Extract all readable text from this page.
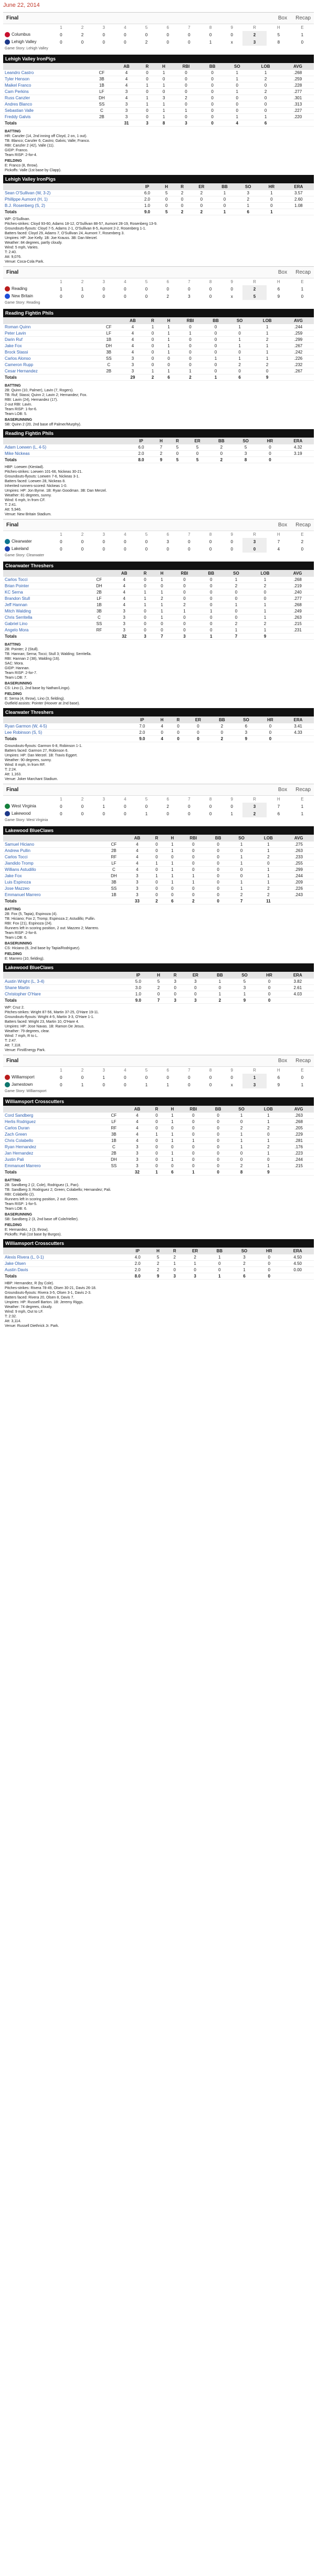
June 22, 2014
Final	Box Recap
	1	2	3	4	5	6	7	8	9	R	H	E
Columbus	0	2	0	0	0	0	0	0	0	2	5	1
Lehigh Valley	0	0	0	0	2	0	0	1	x	3	8	0
Game Story: Lehigh Valley
Lehigh Valley IronPigs
		AB	R	H	RBI	BB	SO	LOB	AVG
Leandro Castro	CF	4	0	1	0	0	1	1	.268
Tyler Henson	3B	4	0	0	0	0	1	2	.259
Maikel Franco	1B	4	1	1	0	0	0	0	.228
Cam Perkins	LF	3	0	0	0	0	1	2	.277
Russ Canzler	DH	4	1	3	2	0	0	0	.301
Andres Blanco	SS	3	1	1	0	0	0	0	.313
Sebastian Valle	C	3	0	1	1	0	0	0	.227
Freddy Galvis	2B	3	0	1	0	0	1	1	.220
Totals		31	3	8	3	0	4	6	
BATTING
HR: Canzler (14, 2nd inning off Cloyd, 2 on, 1 out).
TB: Blanco; Canzler 6; Castro; Galvis; Valle; Franco.
RBI: Canzler 2 (42), Valle (11).
GIDP: Franco.
Team RISP: 2-for-4.
FIELDING
E: Franco (8, throw).
Pickoffs: Valle (1st base by Clapp).
Lehigh Valley IronPigs
		IP	H	R	ER	BB	SO	HR	ERA
Sean O'Sullivan (W, 3-2)		6.0	5	2	2	1	3	1	3.57
Phillippe Aumont (H, 1)		2.0	0	0	0	0	2	0	2.60
B.J. Rosenberg (S, 2)		1.0	0	0	0	0	1	0	1.08
Totals		9.0	5	2	2	1	6	1	
WP: O'Sullivan.
Pitches-strikes: Cloyd 93-60, Adams 18-12, O'Sullivan 88-57, Aumont 28-19, Rosenberg 13-9.
Groundouts-flyouts: Cloyd 7-5, Adams 2-1, O'Sullivan 8-5, Aumont 2-2, Rosenberg 1-1.
Batters faced: Cloyd 29, Adams 7, O'Sullivan 24, Aumont 7, Rosenberg 3.
Umpires: HP: Joe Kelly. 1B: Joe Krauss. 3B: Dan Merzel.
Weather: 84 degrees, partly cloudy.
Wind: 5 mph, Varies.
T: 2:40.
Att: 9,076.
Venue: Coca-Cola Park.
Final	Box Recap
	1	2	3	4	5	6	7	8	9	R	H	E
Reading	1	1	0	0	0	0	0	0	0	2	6	1
New Britain	0	0	0	0	0	2	3	0	x	5	9	0
Game Story: Reading
Reading Fightin Phils
		AB	R	H	RBI	BB	SO	LOB	AVG
Roman Quinn	CF	4	1	1	0	0	1	1	.244
Peter Lavin	LF	4	0	1	1	0	0	1	.259
Darin Ruf	1B	4	0	1	0	0	1	2	.299
Jake Fox	DH	4	0	1	0	0	1	1	.267
Brock Stassi	3B	4	0	1	0	0	0	1	.242
Carlos Alonso	SS	3	0	0	0	1	1	1	.226
Cameron Rupp	C	3	0	0	0	0	2	2	.232
Cesar Hernandez	2B	3	1	1	1	0	0	0	.267
Totals		29	2	6	2	1	6	9	
BATTING
2B: Quinn (10, Palmer), Lavin (7, Rogers).
TB: Ruf; Stassi; Quinn 2; Lavin 2; Hernandez; Fox.
RBI: Lavin (24), Hernandez (17).
2-out RBI: Lavin.
Team RISP: 1-for-6.
Team LOB: 5.
BASERUNNING
SB: Quinn 2 (20, 2nd base off Palmer/Murphy).
Reading Fightin Phils
		IP	H	R	ER	BB	SO	HR	ERA
Adam Loewen (L, 4-5)		6.0	7	5	5	2	5	0	4.32
Mike Nickeas		2.0	2	0	0	0	3	0	3.19
Totals		8.0	9	5	5	2	8	0	
HBP: Loewen (Kiestad).
Pitches-strikes: Loewen 101-66, Nickeas 30-21.
Groundouts-flyouts: Loewen 7-6, Nickeas 3-1.
Batters faced: Loewen 28, Nickeas 8.
Inherited runners-scored: Nickeas 1-0.
Umpires: HP: Jon Byrne. 1B: Ryan Goodman. 3B: Dan Merzel.
Weather: 81 degrees, sunny.
Wind: 6 mph, In from CF.
T: 2:41.
Att: 5,946.
Venue: New Britain Stadium.
Final	Box Recap
	1	2	3	4	5	6	7	8	9	R	H	E
Clearwater	0	0	0	0	0	3	0	0	0	3	7	2
Lakeland	0	0	0	0	0	0	0	0	0	0	4	0
Game Story: Clearwater
Clearwater Threshers
		AB	R	H	RBI	BB	SO	LOB	AVG
Carlos Tocci	CF	4	0	1	0	0	1	1	.268
Brian Pointer	DH	4	0	0	0	0	2	2	.219
KC Serna	2B	4	1	1	0	0	0	0	.240
Brandon Stull	LF	4	1	2	0	0	0	0	.277
Jeff Hannan	1B	4	1	1	2	0	1	1	.268
Mitch Walding	3B	3	0	1	1	1	0	1	.249
Chris Serritella	C	3	0	1	0	0	0	1	.263
Gabriel Lino	SS	3	0	0	0	0	2	2	.215
Angelo Mora	RF	3	0	0	0	0	1	1	.231
Totals		32	3	7	3	1	7	9	
BATTING
2B: Pointer; 2 (Stull).
TB: Hannan; Serna; Tocci; Stull 3; Walding; Serritella.
RBI: Hannan 2 (38), Walding (16).
SAC: Mora.
GIDP: Hannan.
Team RISP: 2-for-7.
Team LOB: 7.
BASERUNNING
CS: Lino (1, 2nd base by Nathan/Lingo).
FIELDING
E: Serna (4, throw), Lino (3, fielding).
Outfield assists: Pointer (Hoover at 2nd base).
Clearwater Threshers
		IP	H	R	ER	BB	SO	HR	ERA
Ryan Garmon (W, 4-5)		7.0	4	0	0	2	6	0	3.41
Lee Robinson (S, 5)		2.0	0	0	0	0	3	0	4.33
Totals		9.0	4	0	0	2	9	0	
Groundouts-flyouts: Garmon 6-8, Robinson 1-1.
Batters faced: Garmon 27, Robinson 6.
Umpires: HP: Dan Merzel. 1B: Travis Eggert.
Weather: 90 degrees, sunny.
Wind: 8 mph, In from RF.
T: 2:24.
Att: 1,163.
Venue: Joker Marchant Stadium.
Final	Box Recap
	1	2	3	4	5	6	7	8	9	R	H	E
West Virginia	0	0	1	0	0	2	0	0	0	3	7	1
Lakewood	0	0	0	0	1	0	0	0	1	2	6	1
Game Story: West Virginia
Lakewood BlueClaws
		AB	R	H	RBI	BB	SO	LOB	AVG
Samuel Hiciano	CF	4	0	1	0	0	1	1	.275
Andrew Pullin	2B	4	0	1	0	0	0	1	.263
Carlos Tocci	RF	4	0	0	0	0	1	2	.233
Jiandido Tromp	LF	4	1	1	0	0	1	0	.255
Willians Astudillo	C	4	0	1	0	0	0	1	.299
Jake Fox	DH	3	1	1	1	0	0	1	.244
Luis Espinoza	3B	3	0	1	1	0	1	1	.209
Jose Mazzeo	SS	3	0	0	0	0	1	2	.226
Emmanuel Marrero	1B	3	0	0	0	0	2	2	.243
Totals		33	2	6	2	0	7	11	
BATTING
2B: Fox (5, Tapia), Espinoza (4).
TB: Hiciano; Fox 2; Tromp; Espinoza 2; Astudillo; Pullin.
RBI: Fox (21), Espinoza (24).
Runners left in scoring position, 2 out: Mazzeo 2; Marrero.
Team RISP: 2-for-8.
Team LOB: 6.
BASERUNNING
CS: Hiciano (6, 2nd base by Tapia/Rodriguez).
FIELDING
E: Marrero (10, fielding).
Lakewood BlueClaws
		IP	H	R	ER	BB	SO	HR	ERA
Austin Wright (L, 3-4)		5.0	5	3	3	1	5	0	3.82
Shane Martin		3.0	2	0	0	0	3	0	2.61
Christopher O'Hare		1.0	0	0	0	1	1	0	4.03
Totals		9.0	7	3	3	2	9	0	
WP: Cruz 2.
Pitches-strikes: Wright 87-56, Martin 37-25, O'Hare 19-11.
Groundouts-flyouts: Wright 4-5, Martin 3-3, O'Hare 1-1.
Batters faced: Wright 23, Martin 10, O'Hare 4.
Umpires: HP: Jose Navas. 1B: Ramon De Jesus.
Weather: 79 degrees, clear.
Wind: 7 mph, R to L.
T: 2:47.
Att: 7,118.
Venue: FirstEnergy Park.
Final	Box Recap
	1	2	3	4	5	6	7	8	9	R	H	E
Williamsport	0	0	1	0	0	0	0	0	0	1	6	0
Jamestown	0	1	0	0	1	1	0	0	x	3	9	1
Game Story: Williamsport
Williamsport Crosscutters
		AB	R	H	RBI	BB	SO	LOB	AVG
Cord Sandberg	CF	4	0	1	0	0	1	1	.263
Herlis Rodriguez	LF	4	0	1	0	0	0	1	.268
Carlos Duran	RF	4	0	0	0	0	2	2	.205
Zach Green	3B	4	1	1	0	0	1	0	.229
Chris Colabello	1B	4	0	1	1	0	1	1	.281
Ryan Hernandez	C	3	0	0	0	0	1	2	.176
Jan Hernandez	2B	3	0	1	0	0	0	1	.223
Justin Pali	DH	3	0	1	0	0	0	0	.244
Emmanuel Marrero	SS	3	0	0	0	0	2	1	.215
Totals		32	1	6	1	0	8	9	
BATTING
2B: Sandberg 2 (2, Cole), Rodriguez (1, Pan).
TB: Sandberg 3; Rodriguez 2; Green; Colabello; Hernandez; Pali.
RBI: Colabello (2).
Runners left in scoring position, 2 out: Green.
Team RISP: 1-for-5.
Team LOB: 6.
BASERUNNING
SB: Sandberg 2 (3, 2nd base off Cole/Heller).
FIELDING
E: Hernandez, J (3, throw).
Pickoffs: Pali (1st base by Burgos).
Williamsport Crosscutters
		IP	H	R	ER	BB	SO	HR	ERA
Alexis Rivera (L, 0-1)		4.0	5	2	2	1	3	0	4.50
Jake Olsen		2.0	2	1	1	0	2	0	4.50
Austin Davis		2.0	2	0	0	0	1	0	0.00
Totals		8.0	9	3	3	1	6	0	
HBP: Hernandez, R (by Cole).
Pitches-strikes: Rivera 78-49, Olsen 30-21, Davis 26-18.
Groundouts-flyouts: Rivera 3-5, Olsen 3-1, Davis 2-3.
Batters faced: Rivera 20, Olsen 8, Davis 7.
Umpires: HP: Russell Barton. 1B: Jeremy Riggs.
Weather: 74 degrees, cloudy.
Wind: 9 mph, Out to LF.
T: 2:32.
Att: 3,114.
Venue: Russell Diethrick Jr. Park.
